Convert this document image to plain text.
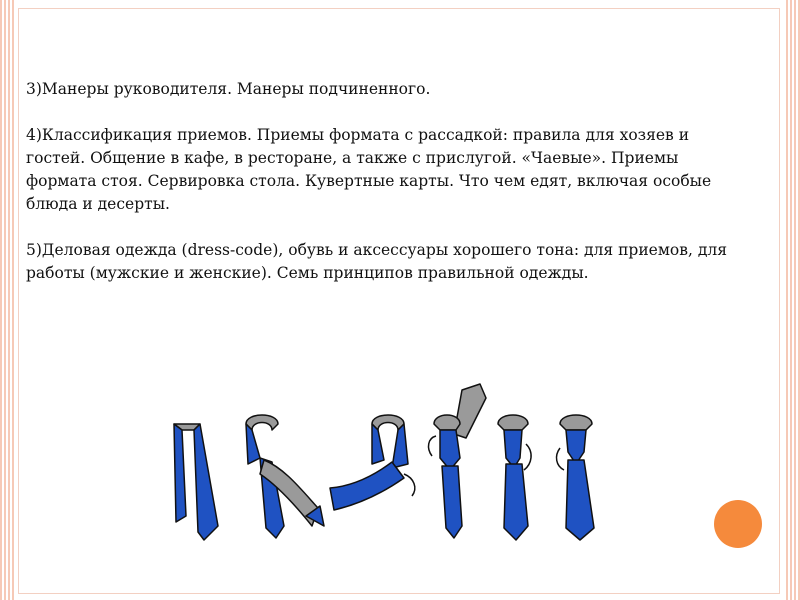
3)Манеры руководителя. Манеры подчиненного.

4)Классификация приемов. Приемы формата с рассадкой: правила для хозяев и гостей. Общение в кафе, в ресторане, а также с прислугой. «Чаевые». Приемы формата стоя. Сервировка стола. Кувертные карты. Что чем едят, включая особые блюда и десерты.

5)Деловая одежда (dress-code), обувь и аксессуары хорошего тона: для приемов, для работы (мужские и женские). Семь принципов правильной одежды.
